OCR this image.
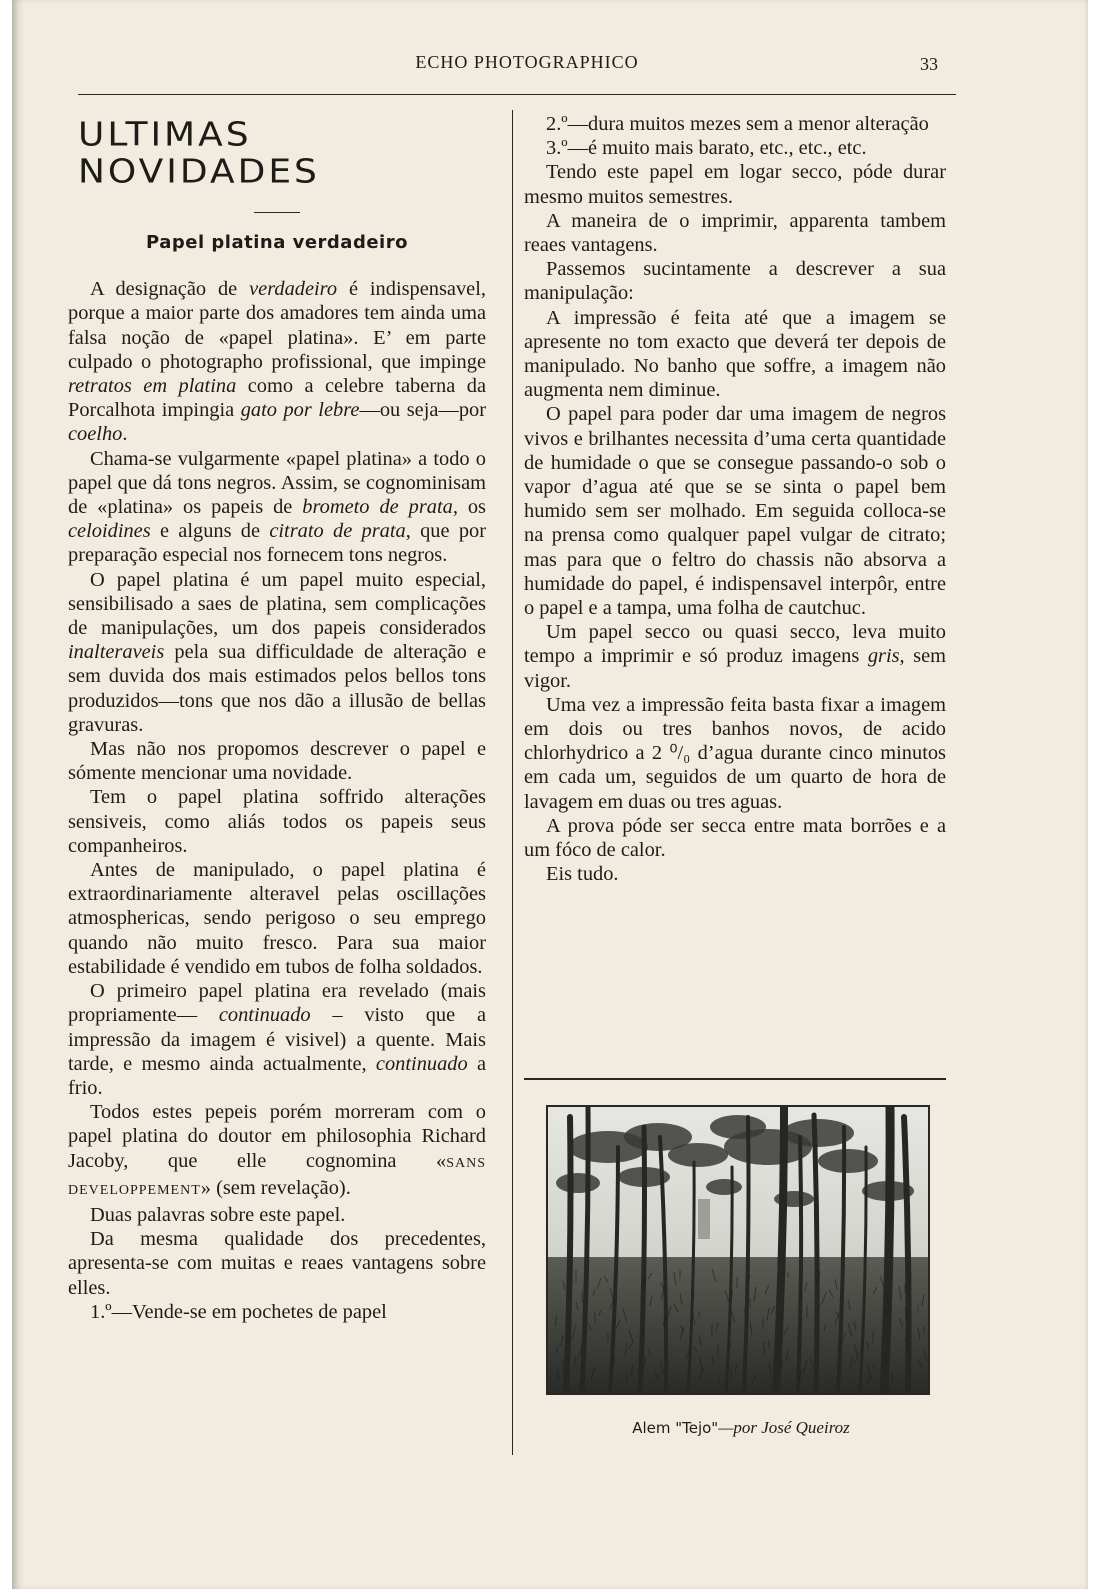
ECHO PHOTOGRAPHICO	33
ULTIMAS NOVIDADES
Papel platina verdadeiro

A designação de verdadeiro é indispensavel, porque a maior parte dos amadores tem ainda uma falsa noção de «papel platina». E’ em parte culpado o photographo profissional, que impinge retratos em platina como a celebre taberna da Porcalhota impingia gato por lebre—ou seja—por coelho.

Chama-se vulgarmente «papel platina» a todo o papel que dá tons negros. Assim, se cognominisam de «platina» os papeis de brometo de prata, os celoidines e alguns de citrato de prata, que por preparação especial nos fornecem tons negros.

O papel platina é um papel muito especial, sensibilisado a saes de platina, sem complicações de manipulações, um dos papeis considerados inalteraveis pela sua difficuldade de alteração e sem duvida dos mais estimados pelos bellos tons produzidos—tons que nos dão a illusão de bellas gravuras.

Mas não nos propomos descrever o papel e sómente mencionar uma novidade.

Tem o papel platina soffrido alterações sensiveis, como aliás todos os papeis seus companheiros.

Antes de manipulado, o papel platina é extraordinariamente alteravel pelas oscillações atmosphericas, sendo perigoso o seu emprego quando não muito fresco. Para sua maior estabilidade é vendido em tubos de folha soldados.

O primeiro papel platina era revelado (mais propriamente— continuado – visto que a impressão da imagem é visivel) a quente. Mais tarde, e mesmo ainda actualmente, continuado a frio.

Todos estes pepeis porém morreram com o papel platina do doutor em philosophia Richard Jacoby, que elle cognomina «SANS DEVELOPPEMENT» (sem revelação).

Duas palavras sobre este papel.

Da mesma qualidade dos precedentes, apresenta-se com muitas e reaes vantagens sobre elles.

1.º—Vende-se em pochetes de papel

2.º—dura muitos mezes sem a menor alteração

3.º—é muito mais barato, etc., etc., etc.

Tendo este papel em logar secco, póde durar mesmo muitos semestres.

A maneira de o imprimir, apparenta tambem reaes vantagens.

Passemos sucintamente a descrever a sua manipulação:

A impressão é feita até que a imagem se apresente no tom exacto que deverá ter depois de manipulado. No banho que soffre, a imagem não augmenta nem diminue.

O papel para poder dar uma imagem de negros vivos e brilhantes necessita d’uma certa quantidade de humidade o que se consegue passando-o sob o vapor d’agua até que se se sinta o papel bem humido sem ser molhado. Em seguida colloca-se na prensa como qualquer papel vulgar de citrato; mas para que o feltro do chassis não absorva a humidade do papel, é indispensavel interpôr, entre o papel e a tampa, uma folha de cautchuc.

Um papel secco ou quasi secco, leva muito tempo a imprimir e só produz imagens gris, sem vigor.

Uma vez a impressão feita basta fixar a imagem em dois ou tres banhos novos, de acido chlorhydrico a 2 ⁰/₀ d’agua durante cinco minutos em cada um, seguidos de um quarto de hora de lavagem em duas ou tres aguas.

A prova póde ser secca entre mata borrões e a um fóco de calor.

Eis tudo.

Alem "Tejo"—por José Queiroz
